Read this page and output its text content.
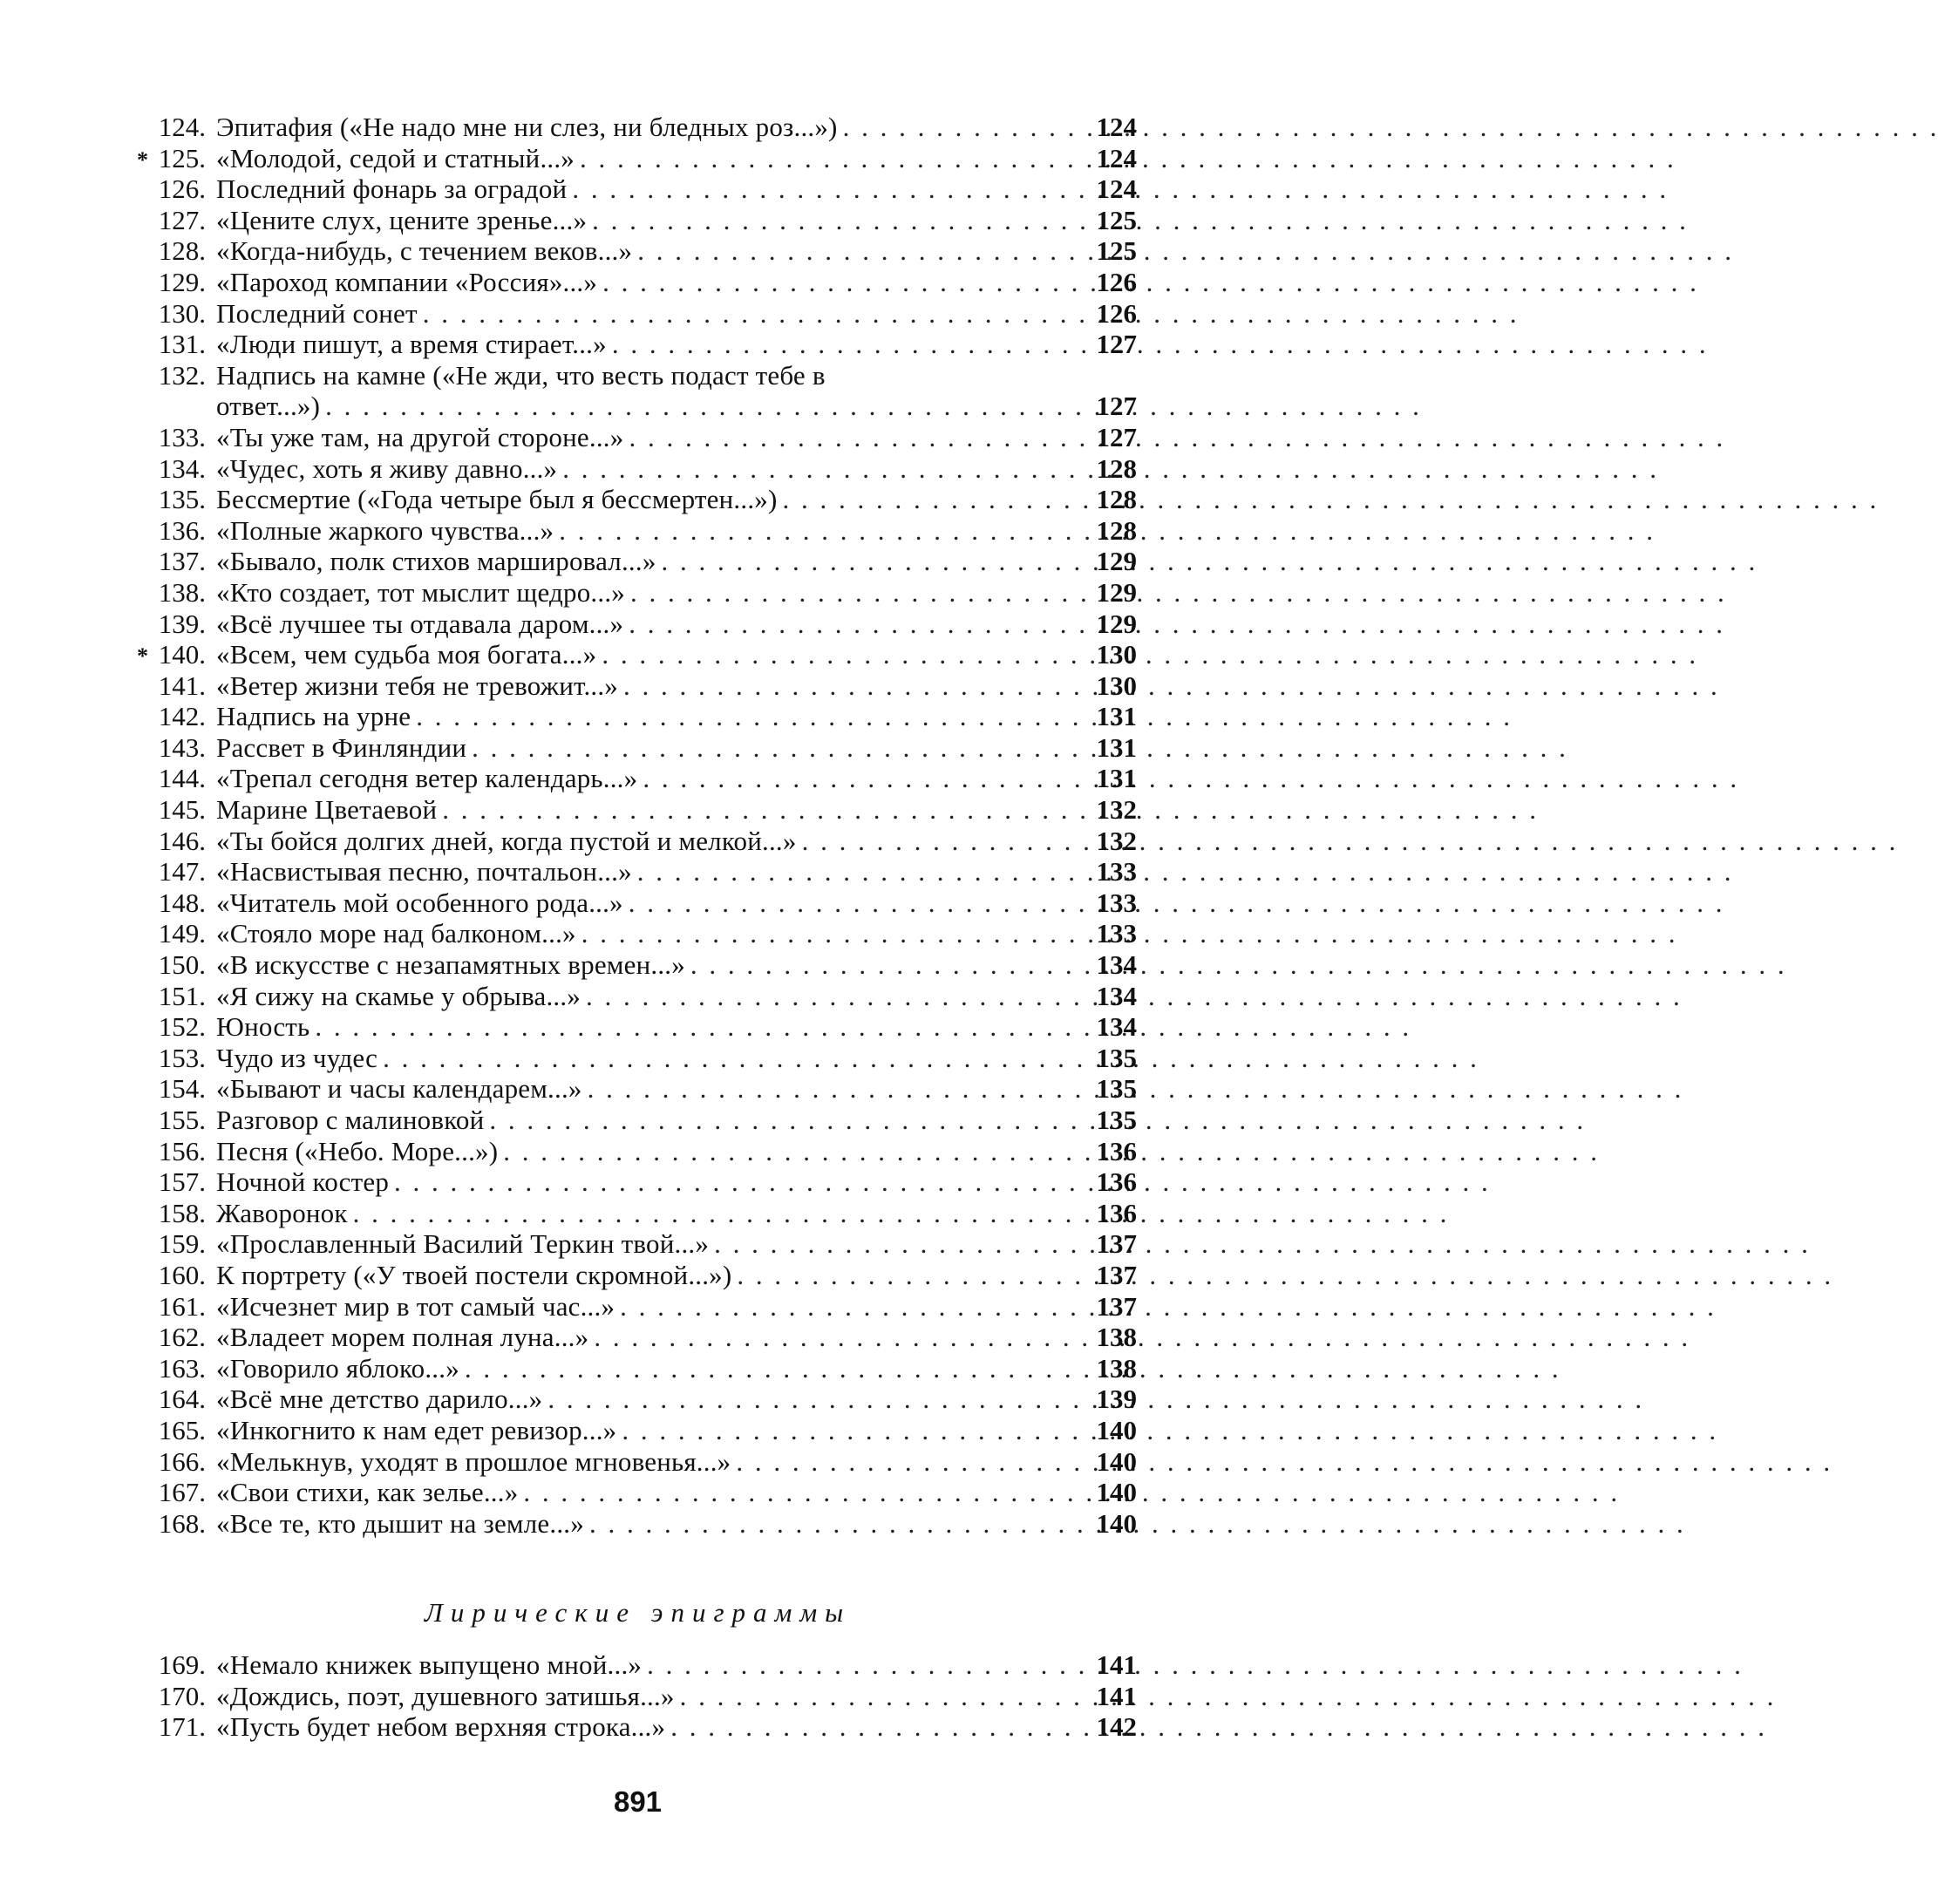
124. Эпитафия («Не надо мне ни слез, ни бледных роз...») . . .	124
* 125. «Молодой, седой и статный...» . . .	124
126. Последний фонарь за оградой . . .	124
127. «Цените слух, цените зренье...» . . .	125
128. «Когда-нибудь, с течением веков...» . . .	125
129. «Пароход компании «Россия»...» . . .	126
130. Последний сонет . . .	126
131. «Люди пишут, а время стирает...» . . .	127
132. Надпись на камне («Не жди, что весть подаст тебе в
ответ...») . . .	127
133. «Ты уже там, на другой стороне...» . . .	127
134. «Чудес, хоть я живу давно...» . . .	128
135. Бессмертие («Года четыре был я бессмертен...») . . .	128
136. «Полные жаркого чувства...» . . .	128
137. «Бывало, полк стихов маршировал...» . . .	129
138. «Кто создает, тот мыслит щедро...» . . .	129
139. «Всё лучшее ты отдавала даром...» . . .	129
* 140. «Всем, чем судьба моя богата...» . . .	130
141. «Ветер жизни тебя не тревожит...» . . .	130
142. Надпись на урне . . .	131
143. Рассвет в Финляндии . . .	131
144. «Трепал сегодня ветер календарь...» . . .	131
145. Марине Цветаевой . . .	132
146. «Ты бойся долгих дней, когда пустой и мелкой...» . . .	132
147. «Насвистывая песню, почтальон...» . . .	133
148. «Читатель мой особенного рода...» . . .	133
149. «Стояло море над балконом...» . . .	133
150. «В искусстве с незапамятных времен...» . . .	134
151. «Я сижу на скамье у обрыва...» . . .	134
152. Юность . . .	134
153. Чудо из чудес . . .	135
154. «Бывают и часы календарем...» . . .	135
155. Разговор с малиновкой . . .	135
156. Песня («Небо. Море...») . . .	136
157. Ночной костер . . .	136
158. Жаворонок . . .	136
159. «Прославленный Василий Теркин твой...» . . .	137
160. К портрету («У твоей постели скромной...») . . .	137
161. «Исчезнет мир в тот самый час...» . . .	137
162. «Владеет морем полная луна...» . . .	138
163. «Говорило яблоко...» . . .	138
164. «Всё мне детство дарило...» . . .	139
165. «Инкогнито к нам едет ревизор...» . . .	140
166. «Мелькнув, уходят в прошлое мгновенья...» . . .	140
167. «Свои стихи, как зелье...» . . .	140
168. «Все те, кто дышит на земле...» . . .	140
Лирические эпиграммы
169. «Немало книжек выпущено мной...» . . .	141
170. «Дождись, поэт, душевного затишья...» . . .	141
171. «Пусть будет небом верхняя строка...» . . .	142
891
